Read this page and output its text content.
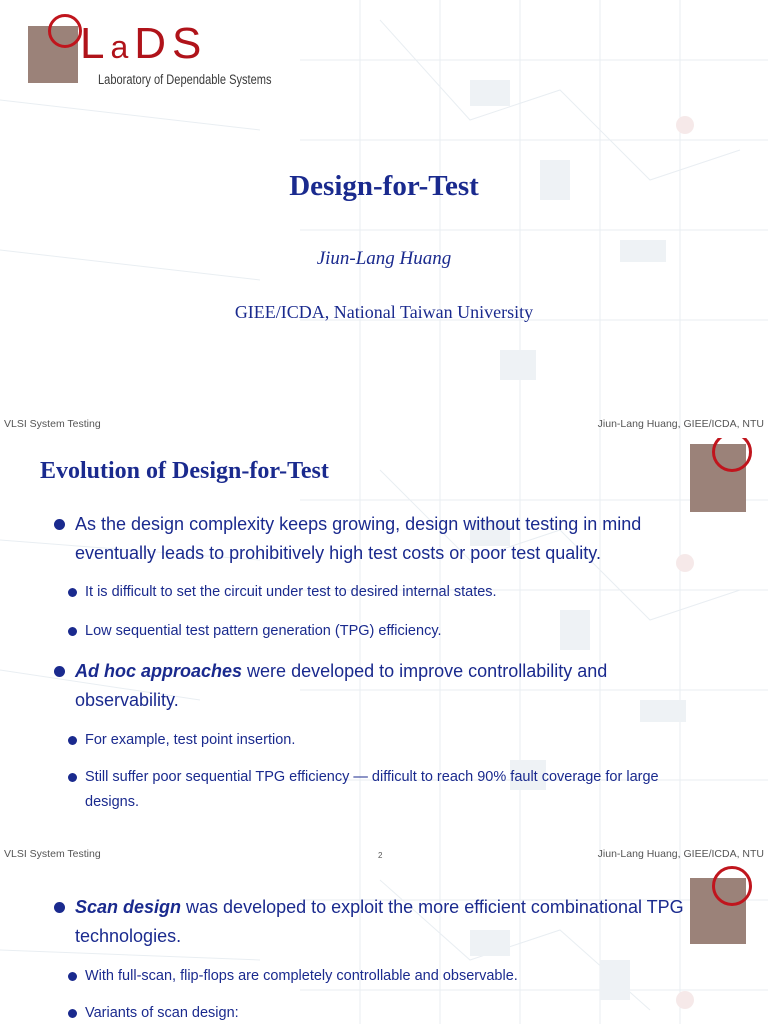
LaDS
Laboratory of Dependable Systems
Design-for-Test
Jiun-Lang Huang
GIEE/ICDA, National Taiwan University
VLSI System Testing	Jiun-Lang Huang, GIEE/ICDA, NTU
Evolution of Design-for-Test
As the design complexity keeps growing, design without testing in mind eventually leads to prohibitively high test costs or poor test quality.
It is difficult to set the circuit under test to desired internal states.
Low sequential test pattern generation (TPG) efficiency.
Ad hoc approaches were developed to improve controllability and observability.
For example, test point insertion.
Still suffer poor sequential TPG efficiency — difficult to reach 90% fault coverage for large designs.
VLSI System Testing	2	Jiun-Lang Huang, GIEE/ICDA, NTU
Scan design was developed to exploit the more efficient combinational TPG technologies.
With full-scan, flip-flops are completely controllable and observable.
Variants of scan design:
